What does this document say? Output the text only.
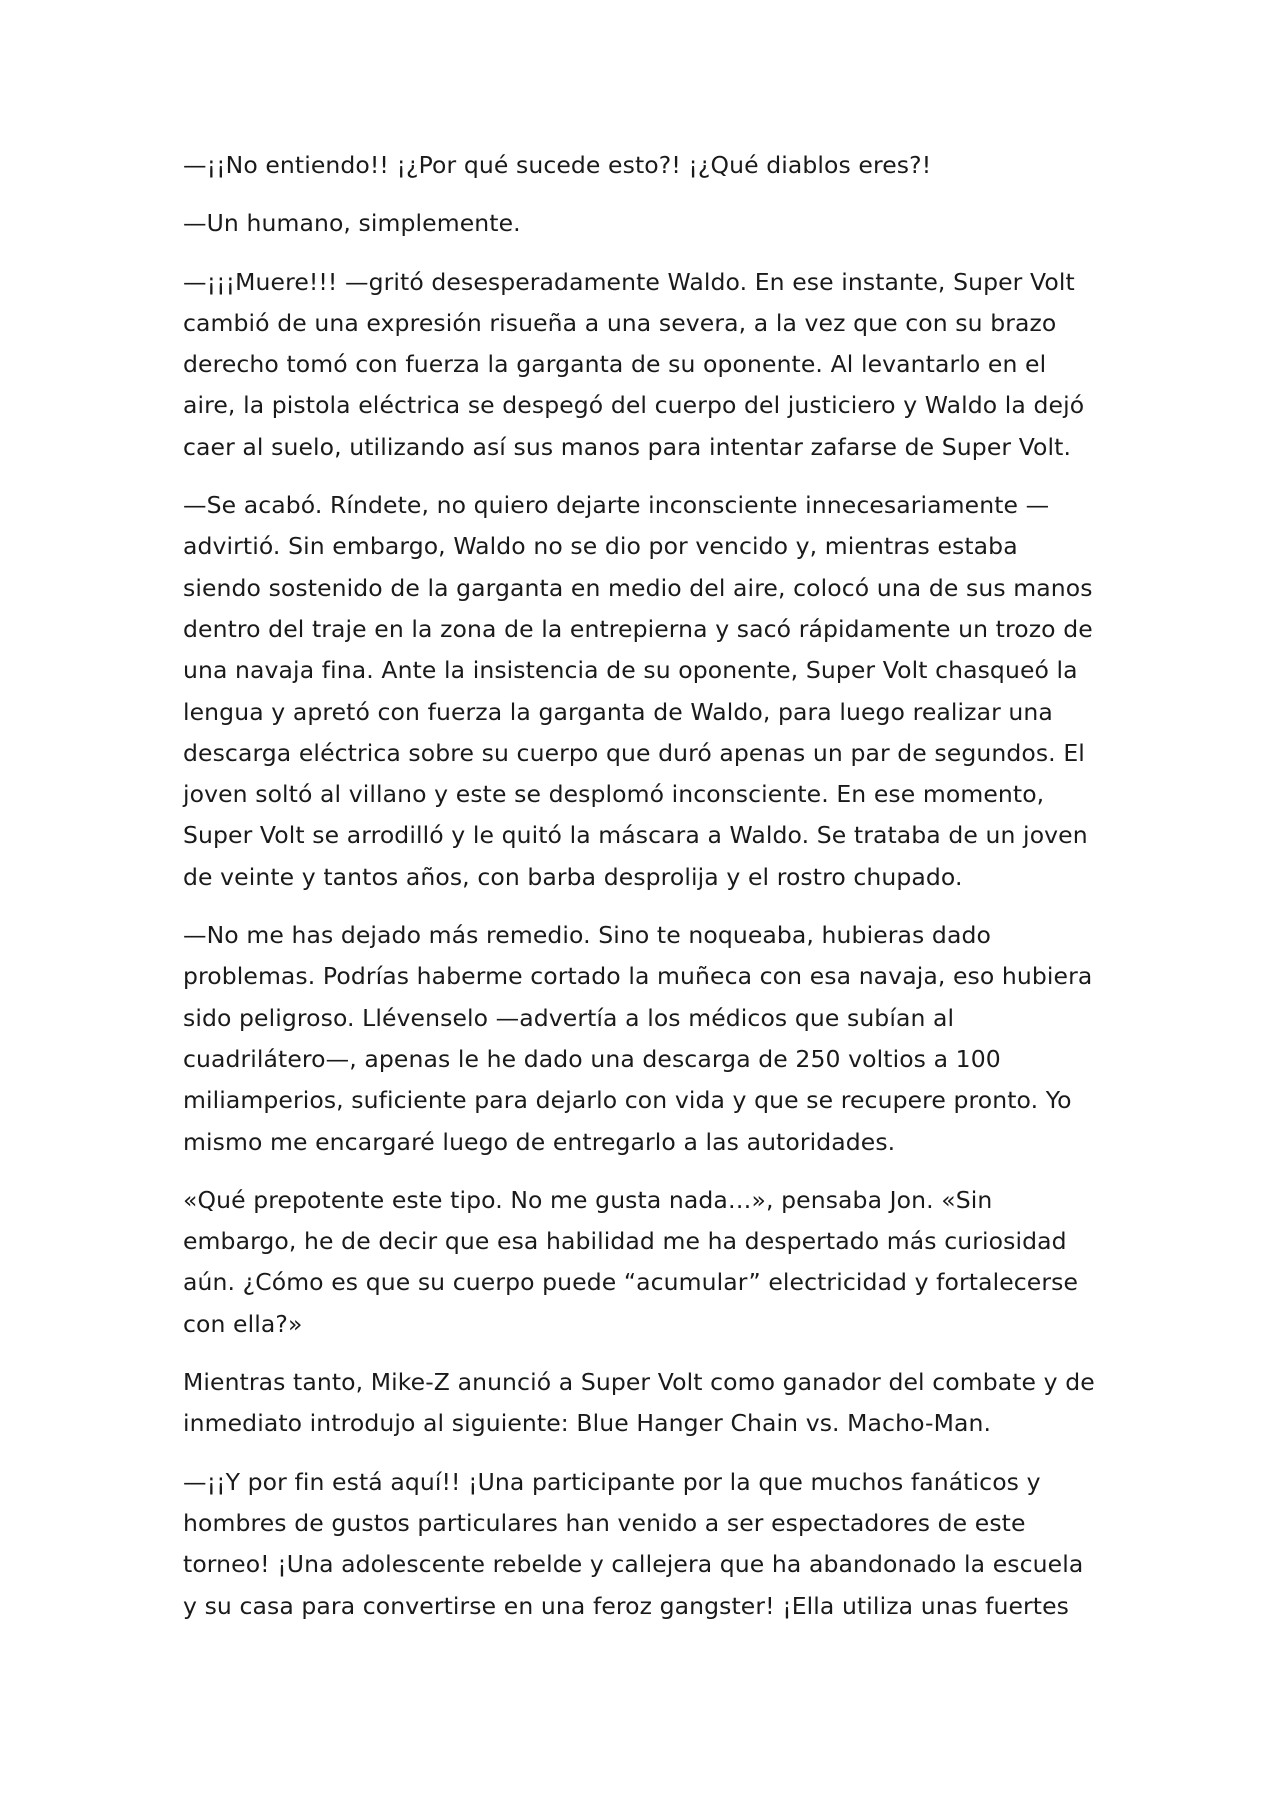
—¡¡No entiendo!! ¡¿Por qué sucede esto?! ¡¿Qué diablos eres?!

—Un humano, simplemente.

—¡¡¡Muere!!! —gritó desesperadamente Waldo. En ese instante, Super Volt cambió de una expresión risueña a una severa, a la vez que con su brazo derecho tomó con fuerza la garganta de su oponente. Al levantarlo en el aire, la pistola eléctrica se despegó del cuerpo del justiciero y Waldo la dejó caer al suelo, utilizando así sus manos para intentar zafarse de Super Volt.

—Se acabó. Ríndete, no quiero dejarte inconsciente innecesariamente —advirtió. Sin embargo, Waldo no se dio por vencido y, mientras estaba siendo sostenido de la garganta en medio del aire, colocó una de sus manos dentro del traje en la zona de la entrepierna y sacó rápidamente un trozo de una navaja fina. Ante la insistencia de su oponente, Super Volt chasqueó la lengua y apretó con fuerza la garganta de Waldo, para luego realizar una descarga eléctrica sobre su cuerpo que duró apenas un par de segundos. El joven soltó al villano y este se desplomó inconsciente. En ese momento, Super Volt se arrodilló y le quitó la máscara a Waldo. Se trataba de un joven de veinte y tantos años, con barba desprolija y el rostro chupado.

—No me has dejado más remedio. Sino te noqueaba, hubieras dado problemas. Podrías haberme cortado la muñeca con esa navaja, eso hubiera sido peligroso. Llévenselo —advertía a los médicos que subían al cuadrilátero—, apenas le he dado una descarga de 250 voltios a 100 miliamperios, suficiente para dejarlo con vida y que se recupere pronto. Yo mismo me encargaré luego de entregarlo a las autoridades.

«Qué prepotente este tipo. No me gusta nada…», pensaba Jon. «Sin embargo, he de decir que esa habilidad me ha despertado más curiosidad aún. ¿Cómo es que su cuerpo puede “acumular” electricidad y fortalecerse con ella?»

Mientras tanto, Mike-Z anunció a Super Volt como ganador del combate y de inmediato introdujo al siguiente: Blue Hanger Chain vs. Macho-Man.

—¡¡Y por fin está aquí!! ¡Una participante por la que muchos fanáticos y hombres de gustos particulares han venido a ser espectadores de este torneo! ¡Una adolescente rebelde y callejera que ha abandonado la escuela y su casa para convertirse en una feroz gangster! ¡Ella utiliza unas fuertes
